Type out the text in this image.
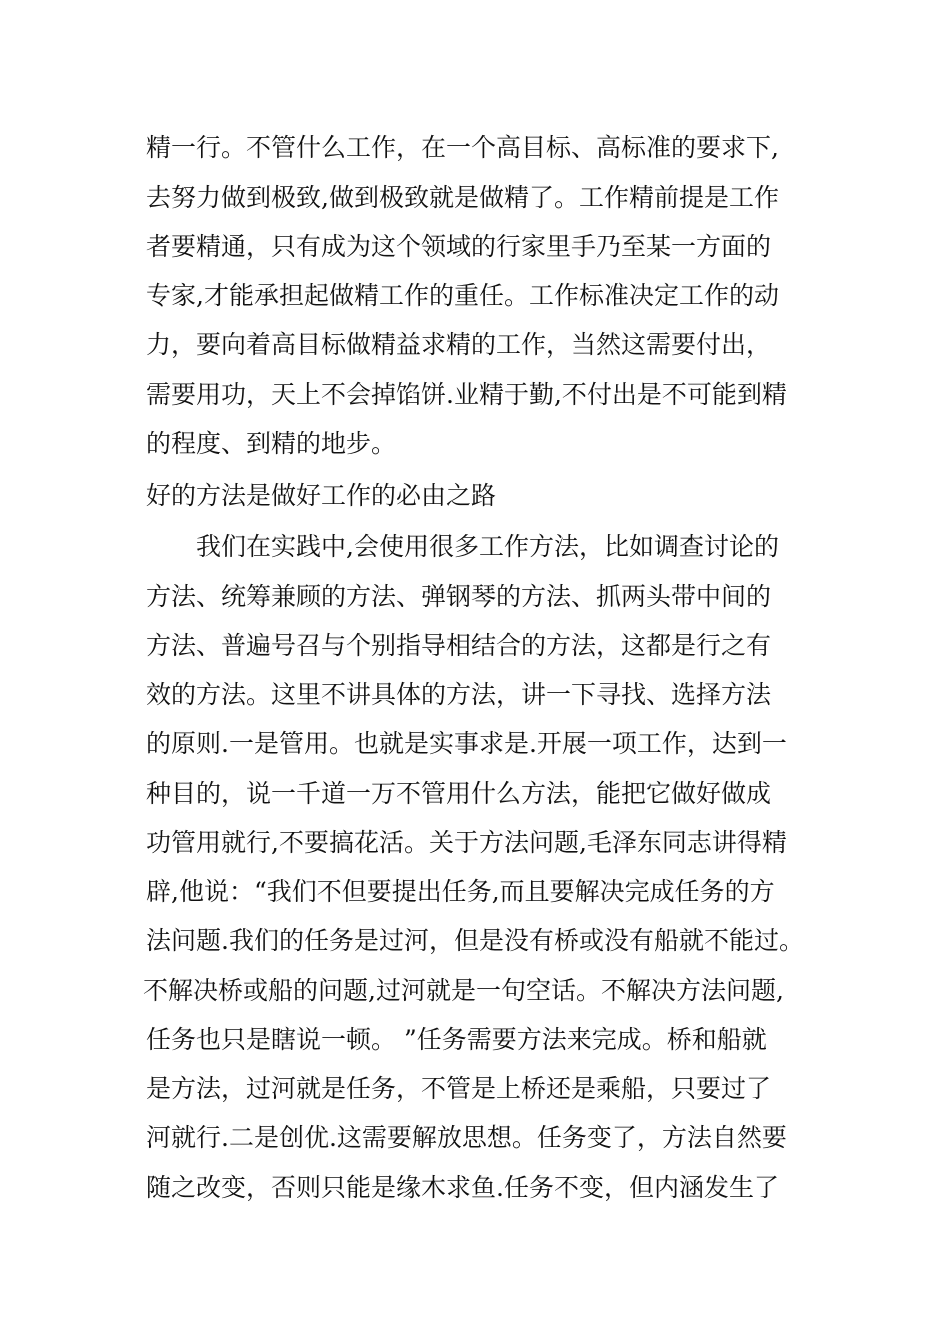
精一行。不管什么工作，在一个高目标、高标准的要求下,
去努力做到极致,做到极致就是做精了。工作精前提是工作
者要精通，只有成为这个领域的行家里手乃至某一方面的
专家,才能承担起做精工作的重任。工作标准决定工作的动
力，要向着高目标做精益求精的工作，当然这需要付出，
需要用功，天上不会掉馅饼.业精于勤,不付出是不可能到精
的程度、到精的地步。
好的方法是做好工作的必由之路
我们在实践中,会使用很多工作方法，比如调查讨论的
方法、统筹兼顾的方法、弹钢琴的方法、抓两头带中间的
方法、普遍号召与个别指导相结合的方法，这都是行之有
效的方法。这里不讲具体的方法，讲一下寻找、选择方法
的原则.一是管用。也就是实事求是.开展一项工作，达到一
种目的，说一千道一万不管用什么方法，能把它做好做成
功管用就行,不要搞花活。关于方法问题,毛泽东同志讲得精
辟,他说：“我们不但要提出任务,而且要解决完成任务的方
法问题.我们的任务是过河，但是没有桥或没有船就不能过。
不解决桥或船的问题,过河就是一句空话。不解决方法问题,
任务也只是瞎说一顿。 ”任务需要方法来完成。桥和船就
是方法，过河就是任务，不管是上桥还是乘船，只要过了
河就行.二是创优.这需要解放思想。任务变了，方法自然要
随之改变，否则只能是缘木求鱼.任务不变，但内涵发生了
